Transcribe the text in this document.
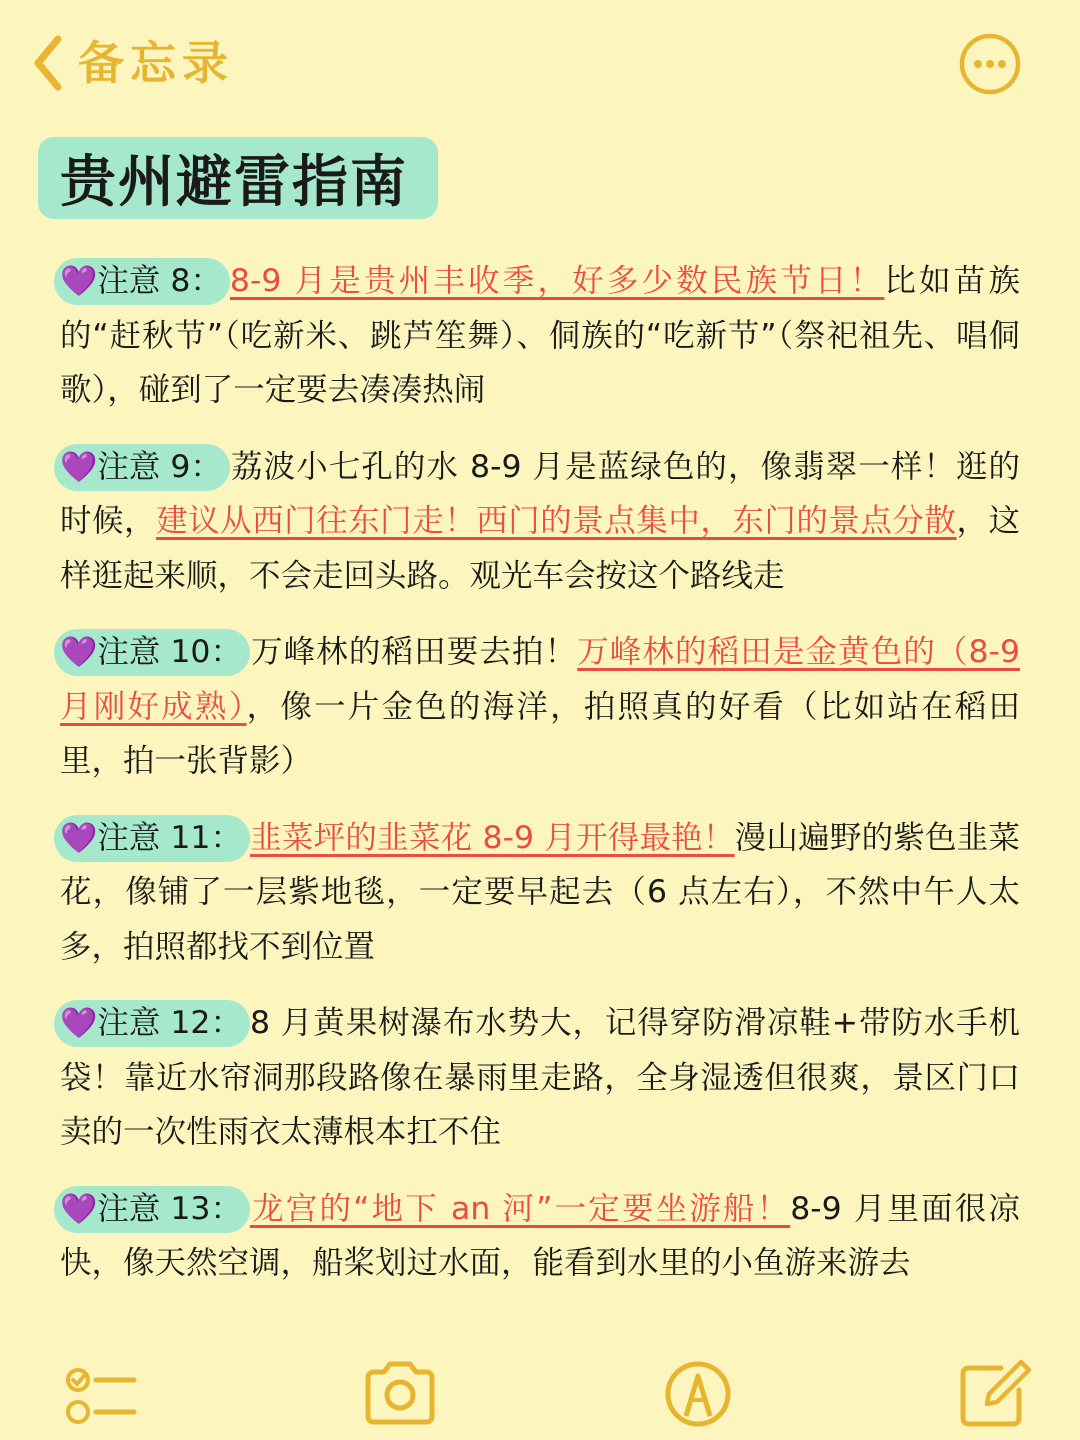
备忘录
贵州避雷指南

💜注意 8： 8-9 月是贵州丰收季，好多少数民族节日！比如苗族的“赶秋节”（吃新米、跳芦笙舞）、侗族的“吃新节”（祭祀祖先、唱侗歌），碰到了一定要去凑凑热闹

💜注意 9： 荔波小七孔的水 8-9 月是蓝绿色的，像翡翠一样！逛的时候，建议从西门往东门走！西门的景点集中，东门的景点分散，这样逛起来顺，不会走回头路。观光车会按这个路线走

💜注意 10： 万峰林的稻田要去拍！万峰林的稻田是金黄色的（8-9 月刚好成熟），像一片金色的海洋，拍照真的好看（比如站在稻田里，拍一张背影）

💜注意 11： 韭菜坪的韭菜花 8-9 月开得最艳！漫山遍野的紫色韭菜花，像铺了一层紫地毯，一定要早起去（6 点左右），不然中午人太多，拍照都找不到位置

💜注意 12： 8 月黄果树瀑布水势大，记得穿防滑凉鞋+带防水手机袋！靠近水帘洞那段路像在暴雨里走路，全身湿透但很爽，景区门口卖的一次性雨衣太薄根本扛不住

💜注意 13： 龙宫的“地下 an 河”一定要坐游船！8-9 月里面很凉快，像天然空调，船桨划过水面，能看到水里的小鱼游来游去
